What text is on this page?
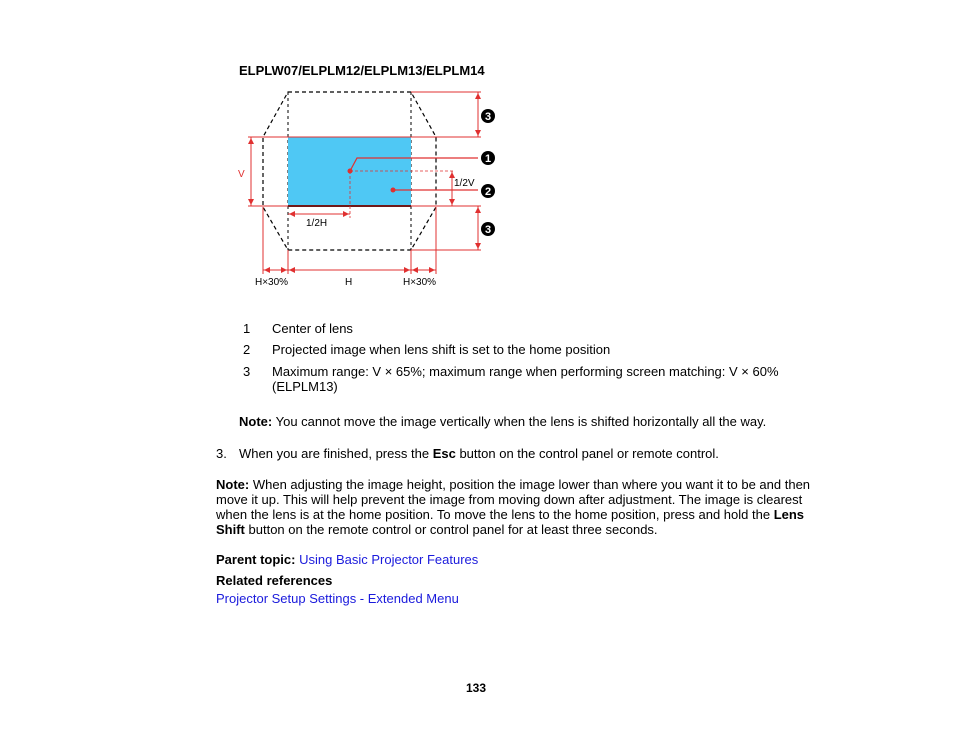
ELPLW07/ELPLM12/ELPLM13/ELPLM14
V
1/2V
1/2H
H×30%	H	H×30%
3
1
2
3
1 Center of lens
2 Projected image when lens shift is set to the home position
3 Maximum range: V × 65%; maximum range when performing screen matching: V × 60%
(ELPLM13)
Note: You cannot move the image vertically when the lens is shifted horizontally all the way.
3. When you are finished, press the Esc button on the control panel or remote control.
Note: When adjusting the image height, position the image lower than where you want it to be and then
move it up. This will help prevent the image from moving down after adjustment. The image is clearest
when the lens is at the home position. To move the lens to the home position, press and hold the Lens
Shift button on the remote control or control panel for at least three seconds.
Parent topic: Using Basic Projector Features
Related references
Projector Setup Settings - Extended Menu
133
